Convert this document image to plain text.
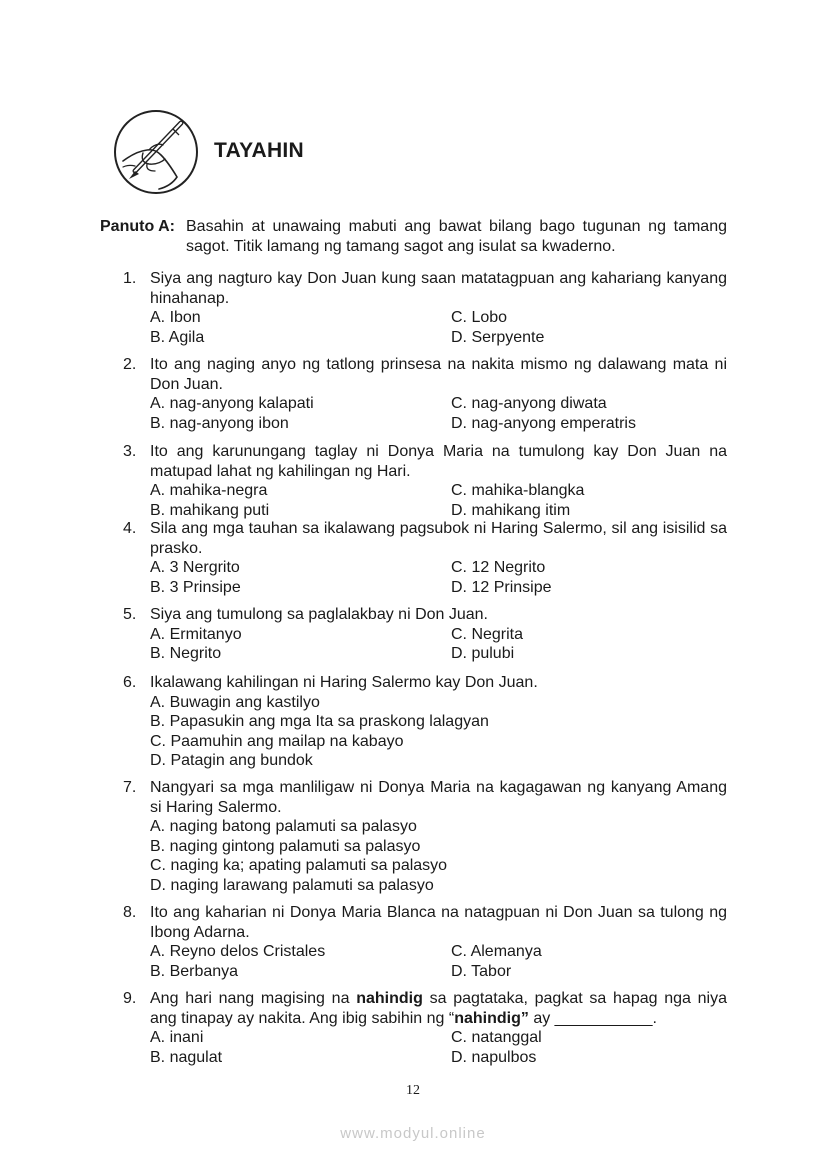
TAYAHIN
Panuto A: Basahin at unawaing mabuti ang bawat bilang bago tugunan ng tamang sagot. Titik lamang ng tamang sagot ang isulat sa kwaderno.
1. Siya ang nagturo kay Don Juan kung saan matatagpuan ang kahariang kanyang hinahanap.
A. Ibon	C. Lobo
B. Agila	D. Serpyente
2. Ito ang naging anyo ng tatlong prinsesa na nakita mismo ng dalawang mata ni Don Juan.
A. nag-anyong kalapati	C. nag-anyong diwata
B. nag-anyong ibon	D. nag-anyong emperatris
3. Ito ang karunungang taglay ni Donya Maria na tumulong kay Don Juan na matupad lahat ng kahilingan ng Hari.
A. mahika-negra	C. mahika-blangka
B. mahikang puti	D. mahikang itim
4. Sila ang mga tauhan sa ikalawang pagsubok ni Haring Salermo, sil ang isisilid sa prasko.
A. 3 Nergrito	C. 12 Negrito
B. 3 Prinsipe	D. 12 Prinsipe
5. Siya ang tumulong sa paglalakbay ni Don Juan.
A. Ermitanyo	C. Negrita
B. Negrito	D. pulubi
6. Ikalawang kahilingan ni Haring Salermo kay Don Juan.
A. Buwagin ang kastilyo
B. Papasukin ang mga Ita sa praskong lalagyan
C. Paamuhin ang mailap na kabayo
D. Patagin ang bundok
7. Nangyari sa mga manliligaw ni Donya Maria na kagagawan ng kanyang Amang si Haring Salermo.
A. naging batong palamuti sa palasyo
B. naging gintong palamuti sa palasyo
C. naging ka; apating palamuti sa palasyo
D. naging larawang palamuti sa palasyo
8. Ito ang kaharian ni Donya Maria Blanca na natagpuan ni Don Juan sa tulong ng Ibong Adarna.
A. Reyno delos Cristales	C. Alemanya
B. Berbanya	D. Tabor
9. Ang hari nang magising na nahindig sa pagtataka, pagkat sa hapag nga niya ang tinapay ay nakita. Ang ibig sabihin ng “nahindig” ay ___________.
A. inani	C. natanggal
B. nagulat	D. napulbos
12
www.modyul.online
